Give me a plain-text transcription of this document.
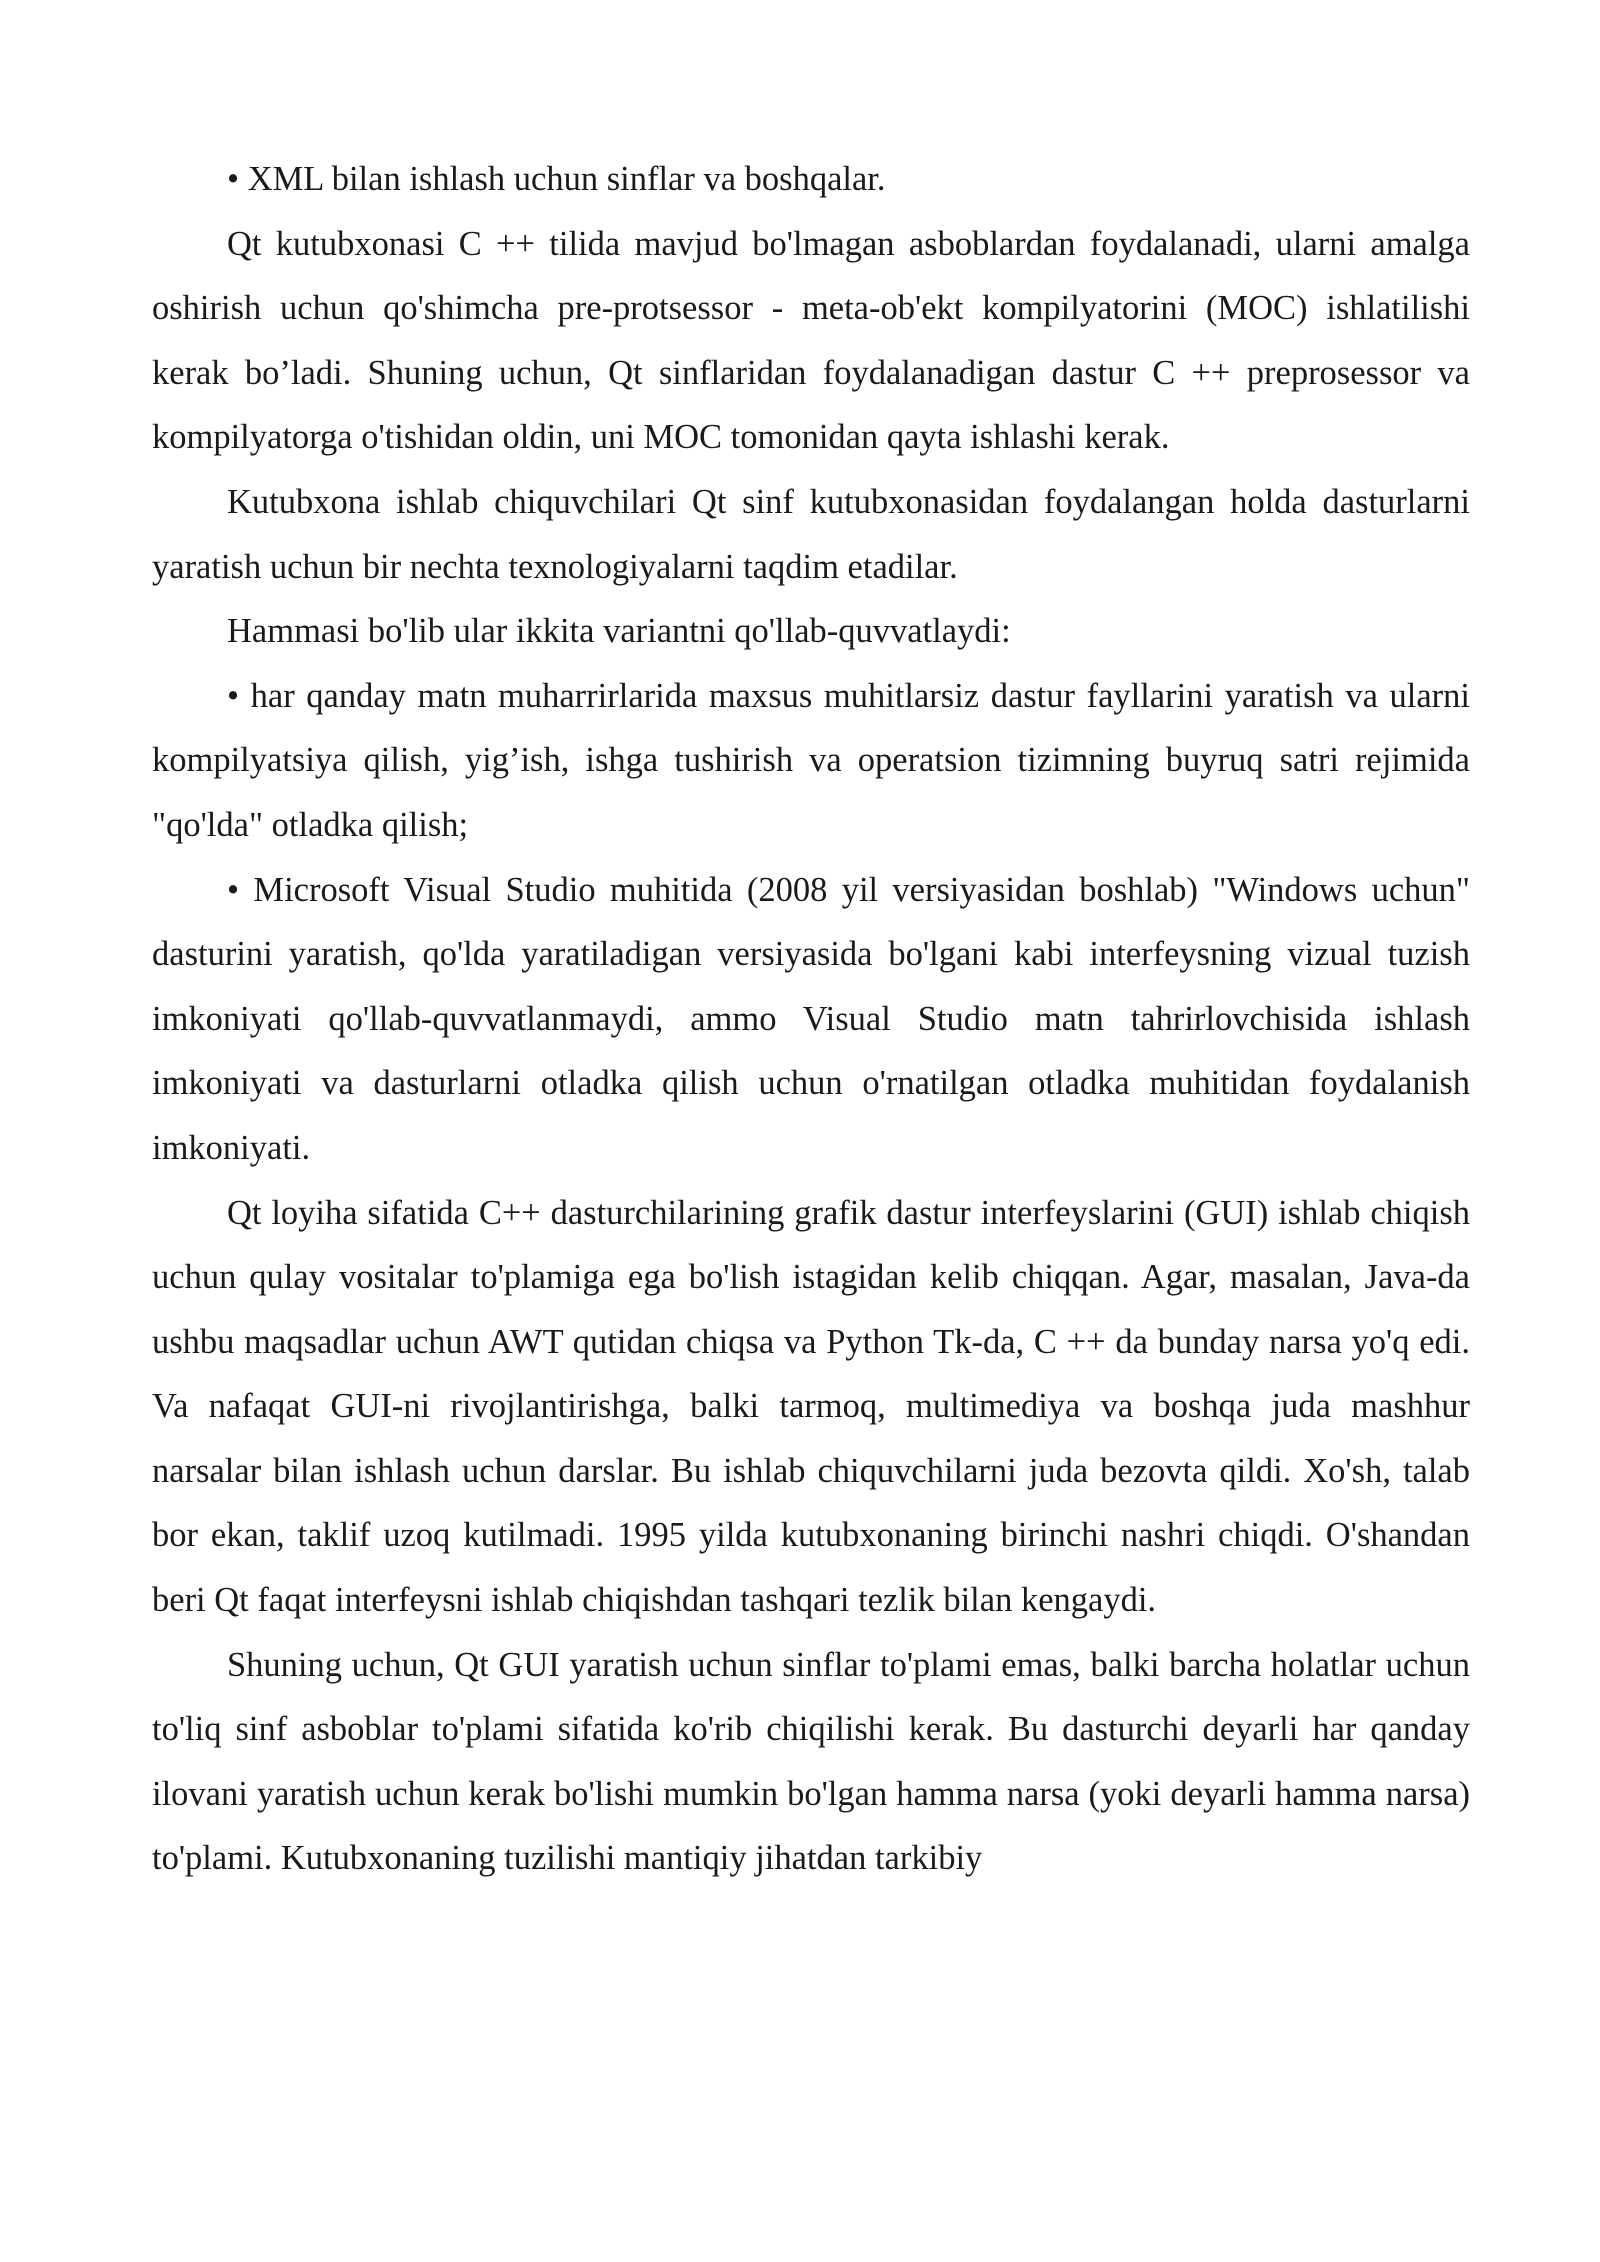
• XML bilan ishlash uchun sinflar va boshqalar.

Qt kutubxonasi C ++ tilida mavjud bo'lmagan asboblardan foydalanadi, ularni amalga oshirish uchun qo'shimcha pre-protsessor - meta-ob'ekt kompilyatorini (MOC) ishlatilishi kerak bo’ladi. Shuning uchun, Qt sinflaridan foydalanadigan dastur C ++ preprosessor va kompilyatorga o'tishidan oldin, uni MOC tomonidan qayta ishlashi kerak.

Kutubxona ishlab chiquvchilari Qt sinf kutubxonasidan foydalangan holda dasturlarni yaratish uchun bir nechta texnologiyalarni taqdim etadilar.

Hammasi bo'lib ular ikkita variantni qo'llab-quvvatlaydi:

• har qanday matn muharrirlarida maxsus muhitlarsiz dastur fayllarini yaratish va ularni kompilyatsiya qilish, yig’ish, ishga tushirish va operatsion tizimning buyruq satri rejimida "qo'lda" otladka qilish;

• Microsoft Visual Studio muhitida (2008 yil versiyasidan boshlab) "Windows uchun" dasturini yaratish, qo'lda yaratiladigan versiyasida bo'lgani kabi interfeysning vizual tuzish imkoniyati qo'llab-quvvatlanmaydi, ammo Visual Studio matn tahrirlovchisida ishlash imkoniyati va dasturlarni otladka qilish uchun o'rnatilgan otladka muhitidan foydalanish imkoniyati.

Qt loyiha sifatida C++ dasturchilarining grafik dastur interfeyslarini (GUI) ishlab chiqish uchun qulay vositalar to'plamiga ega bo'lish istagidan kelib chiqqan. Agar, masalan, Java-da ushbu maqsadlar uchun AWT qutidan chiqsa va Python Tk-da, C ++ da bunday narsa yo'q edi. Va nafaqat GUI-ni rivojlantirishga, balki tarmoq, multimediya va boshqa juda mashhur narsalar bilan ishlash uchun darslar. Bu ishlab chiquvchilarni juda bezovta qildi. Xo'sh, talab bor ekan, taklif uzoq kutilmadi. 1995 yilda kutubxonaning birinchi nashri chiqdi. O'shandan beri Qt faqat interfeysni ishlab chiqishdan tashqari tezlik bilan kengaydi.

Shuning uchun, Qt GUI yaratish uchun sinflar to'plami emas, balki barcha holatlar uchun to'liq sinf asboblar to'plami sifatida ko'rib chiqilishi kerak. Bu dasturchi deyarli har qanday ilovani yaratish uchun kerak bo'lishi mumkin bo'lgan hamma narsa (yoki deyarli hamma narsa) to'plami. Kutubxonaning tuzilishi mantiqiy jihatdan tarkibiy
